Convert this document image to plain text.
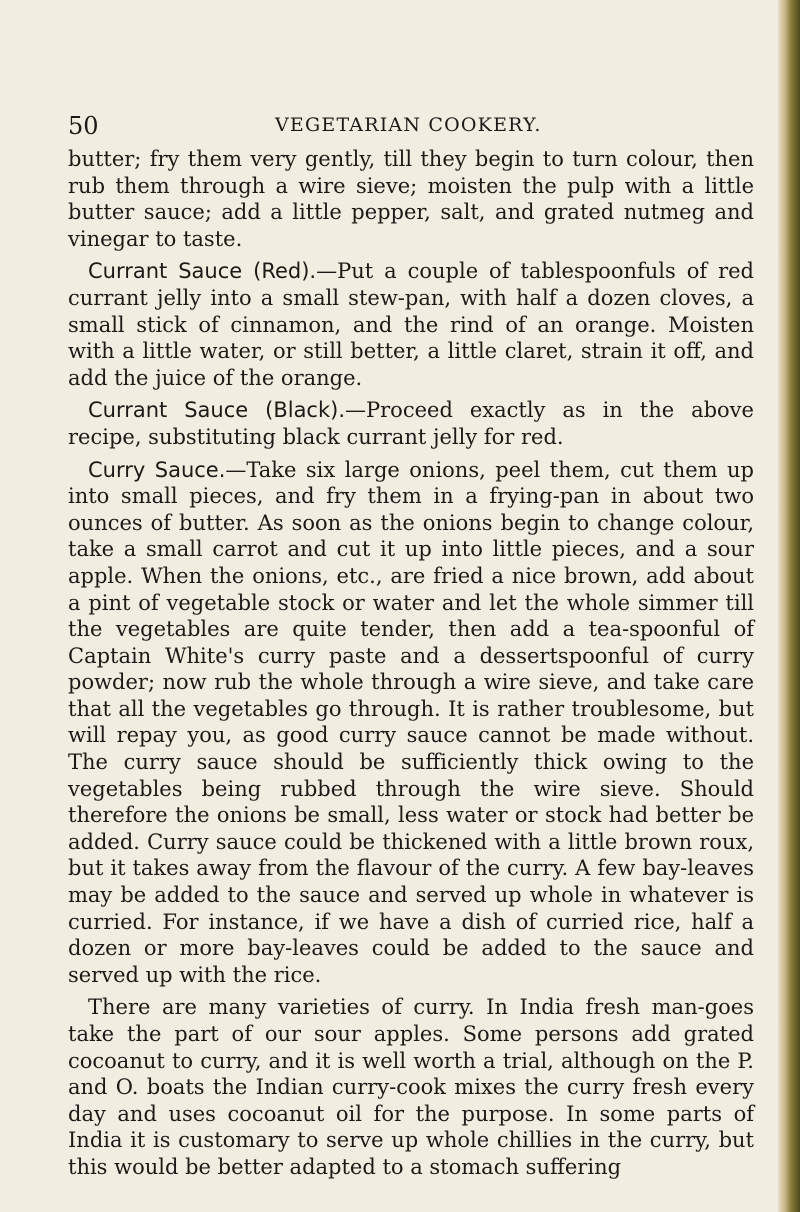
50	VEGETARIAN COOKERY.

butter; fry them very gently, till they begin to turn colour, then rub them through a wire sieve; moisten the pulp with a little butter sauce; add a little pepper, salt, and grated nutmeg and vinegar to taste.

Currant Sauce (Red).—Put a couple of tablespoonfuls of red currant jelly into a small stew-pan, with half a dozen cloves, a small stick of cinnamon, and the rind of an orange. Moisten with a little water, or still better, a little claret, strain it off, and add the juice of the orange.

Currant Sauce (Black).—Proceed exactly as in the above recipe, substituting black currant jelly for red.

Curry Sauce.—Take six large onions, peel them, cut them up into small pieces, and fry them in a frying-pan in about two ounces of butter. As soon as the onions begin to change colour, take a small carrot and cut it up into little pieces, and a sour apple. When the onions, etc., are fried a nice brown, add about a pint of vegetable stock or water and let the whole simmer till the vegetables are quite tender, then add a tea-spoonful of Captain White's curry paste and a dessertspoonful of curry powder; now rub the whole through a wire sieve, and take care that all the vegetables go through. It is rather troublesome, but will repay you, as good curry sauce cannot be made without. The curry sauce should be sufficiently thick owing to the vegetables being rubbed through the wire sieve. Should therefore the onions be small, less water or stock had better be added. Curry sauce could be thickened with a little brown roux, but it takes away from the flavour of the curry. A few bay-leaves may be added to the sauce and served up whole in whatever is curried. For instance, if we have a dish of curried rice, half a dozen or more bay-leaves could be added to the sauce and served up with the rice.

There are many varieties of curry. In India fresh man-goes take the part of our sour apples. Some persons add grated cocoanut to curry, and it is well worth a trial, although on the P. and O. boats the Indian curry-cook mixes the curry fresh every day and uses cocoanut oil for the purpose. In some parts of India it is customary to serve up whole chillies in the curry, but this would be better adapted to a stomach suffering
